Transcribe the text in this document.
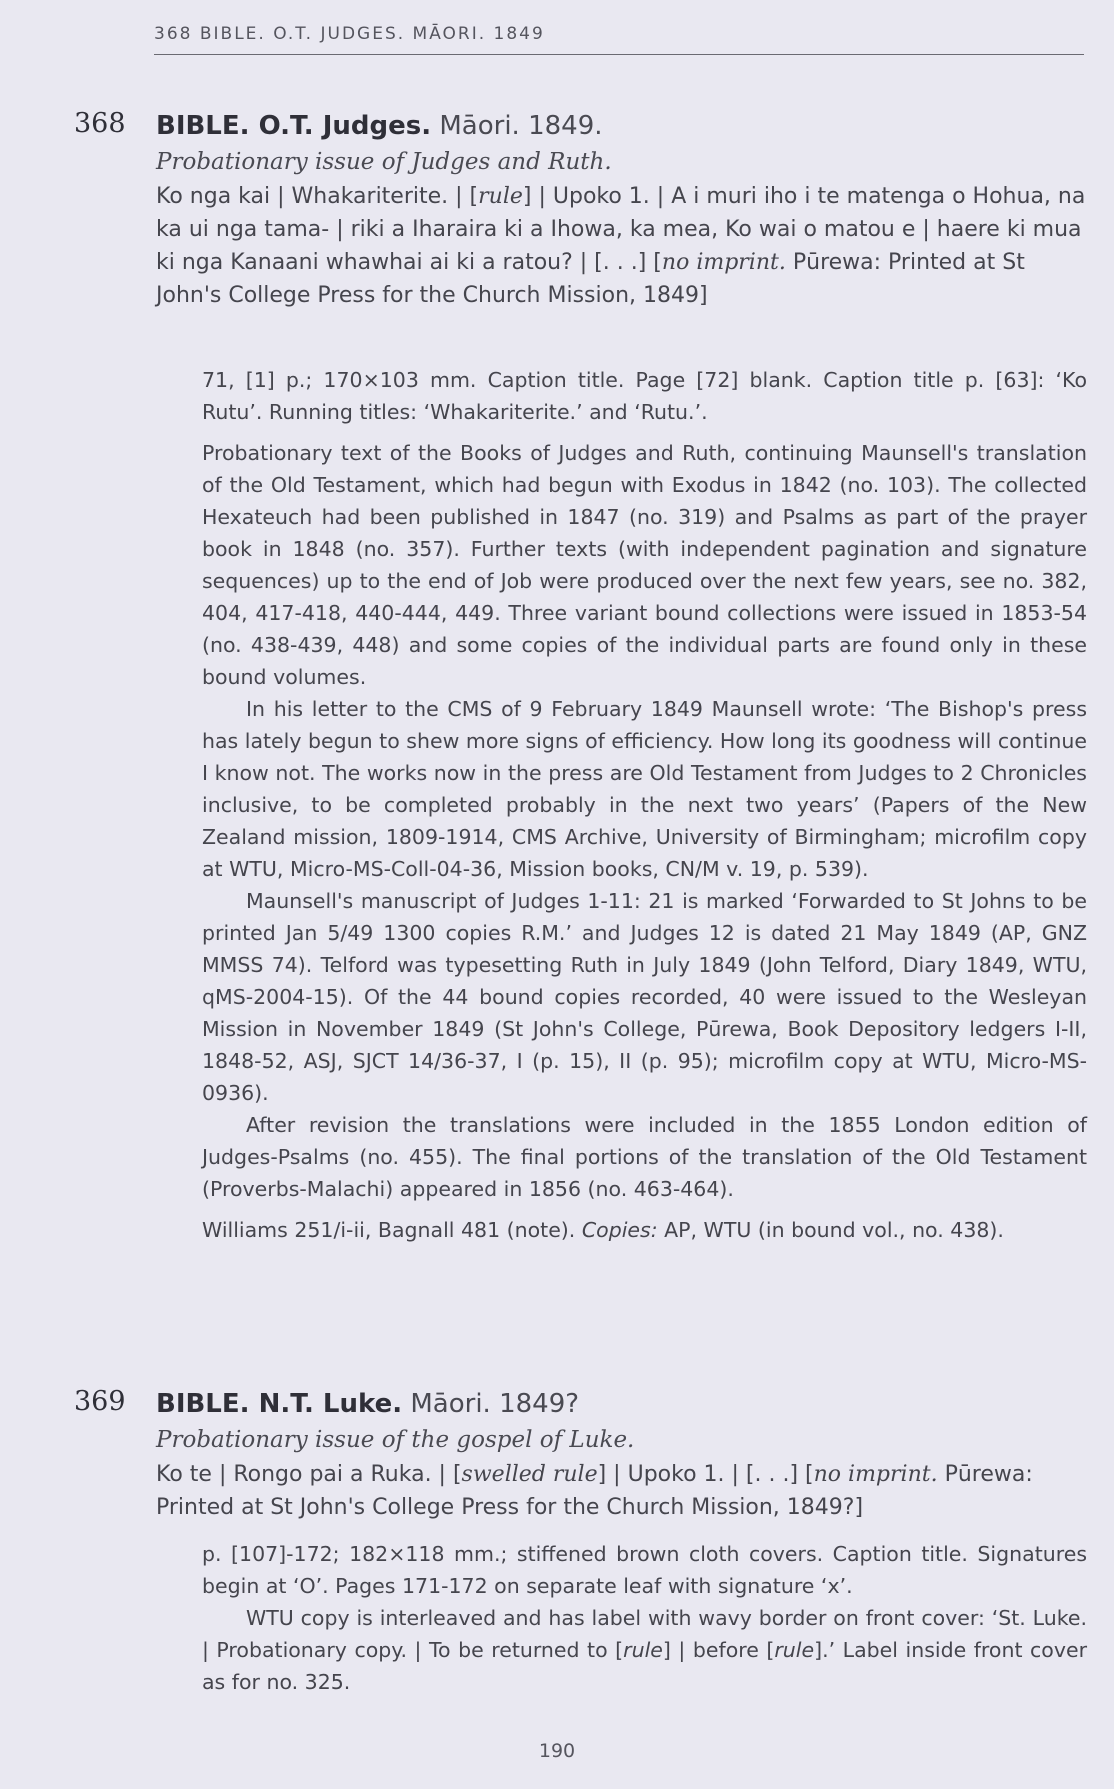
368 BIBLE. O.T. JUDGES. MĀORI. 1849
368 BIBLE. O.T. Judges. Māori. 1849.
Probationary issue of Judges and Ruth.
Ko nga kai | Whakariterite. | [rule] | Upoko 1. | A i muri iho i te matenga o Hohua, na ka ui nga tama- | riki a Iharaira ki a Ihowa, ka mea, Ko wai o matou e | haere ki mua ki nga Kanaani whawhai ai ki a ratou? | [. . .] [no imprint. Pūrewa: Printed at St John's College Press for the Church Mission, 1849]

71, [1] p.; 170×103 mm. Caption title. Page [72] blank. Caption title p. [63]: ‘Ko Rutu’. Running titles: ‘Whakariterite.’ and ‘Rutu.’.

Probationary text of the Books of Judges and Ruth, continuing Maunsell's translation of the Old Testament, which had begun with Exodus in 1842 (no. 103). The collected Hexateuch had been published in 1847 (no. 319) and Psalms as part of the prayer book in 1848 (no. 357). Further texts (with independent pagination and signature sequences) up to the end of Job were produced over the next few years, see no. 382, 404, 417-418, 440-444, 449. Three variant bound collections were issued in 1853-54 (no. 438-439, 448) and some copies of the individual parts are found only in these bound volumes.

In his letter to the CMS of 9 February 1849 Maunsell wrote: ‘The Bishop's press has lately begun to shew more signs of efficiency. How long its goodness will continue I know not. The works now in the press are Old Testament from Judges to 2 Chronicles inclusive, to be completed probably in the next two years’ (Papers of the New Zealand mission, 1809-1914, CMS Archive, University of Birmingham; microfilm copy at WTU, Micro-MS-Coll-04-36, Mission books, CN/M v. 19, p. 539).

Maunsell's manuscript of Judges 1-11: 21 is marked ‘Forwarded to St Johns to be printed Jan 5/49 1300 copies R.M.’ and Judges 12 is dated 21 May 1849 (AP, GNZ MMSS 74). Telford was typesetting Ruth in July 1849 (John Telford, Diary 1849, WTU, qMS-2004-15). Of the 44 bound copies recorded, 40 were issued to the Wesleyan Mission in November 1849 (St John's College, Pūrewa, Book Depository ledgers I-II, 1848-52, ASJ, SJCT 14/36-37, I (p. 15), II (p. 95); microfilm copy at WTU, Micro-MS-0936).

After revision the translations were included in the 1855 London edition of Judges-Psalms (no. 455). The final portions of the translation of the Old Testament (Proverbs-Malachi) appeared in 1856 (no. 463-464).

Williams 251/i-ii, Bagnall 481 (note). Copies: AP, WTU (in bound vol., no. 438).

369 BIBLE. N.T. Luke. Māori. 1849?
Probationary issue of the gospel of Luke.
Ko te | Rongo pai a Ruka. | [swelled rule] | Upoko 1. | [. . .] [no imprint. Pūrewa: Printed at St John's College Press for the Church Mission, 1849?]

p. [107]-172; 182×118 mm.; stiffened brown cloth covers. Caption title. Signatures begin at ‘O’. Pages 171-172 on separate leaf with signature ‘x’.

WTU copy is interleaved and has label with wavy border on front cover: ‘St. Luke. | Probationary copy. | To be returned to [rule] | before [rule].’ Label inside front cover as for no. 325.

190
